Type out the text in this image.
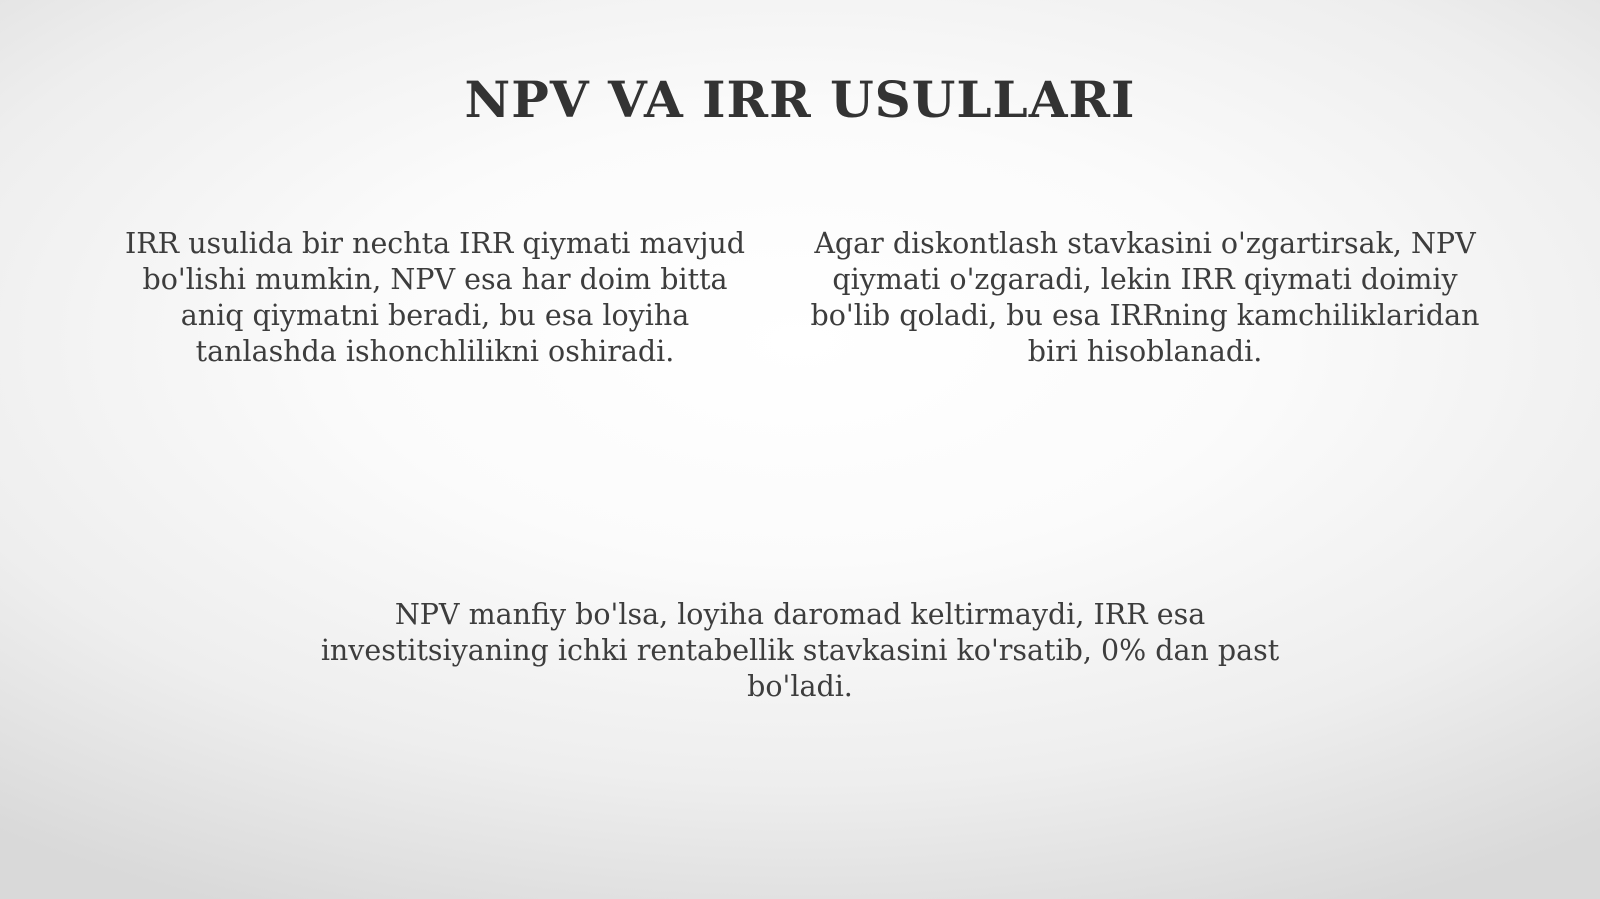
NPV VA IRR USULLARI

IRR usulida bir nechta IRR qiymati mavjud bo'lishi mumkin, NPV esa har doim bitta aniq qiymatni beradi, bu esa loyiha tanlashda ishonchlilikni oshiradi.

Agar diskontlash stavkasini o'zgartirsak, NPV qiymati o'zgaradi, lekin IRR qiymati doimiy bo'lib qoladi, bu esa IRRning kamchiliklaridan biri hisoblanadi.

NPV manfiy bo'lsa, loyiha daromad keltirmaydi, IRR esa investitsiyaning ichki rentabellik stavkasini ko'rsatib, 0% dan past bo'ladi.
